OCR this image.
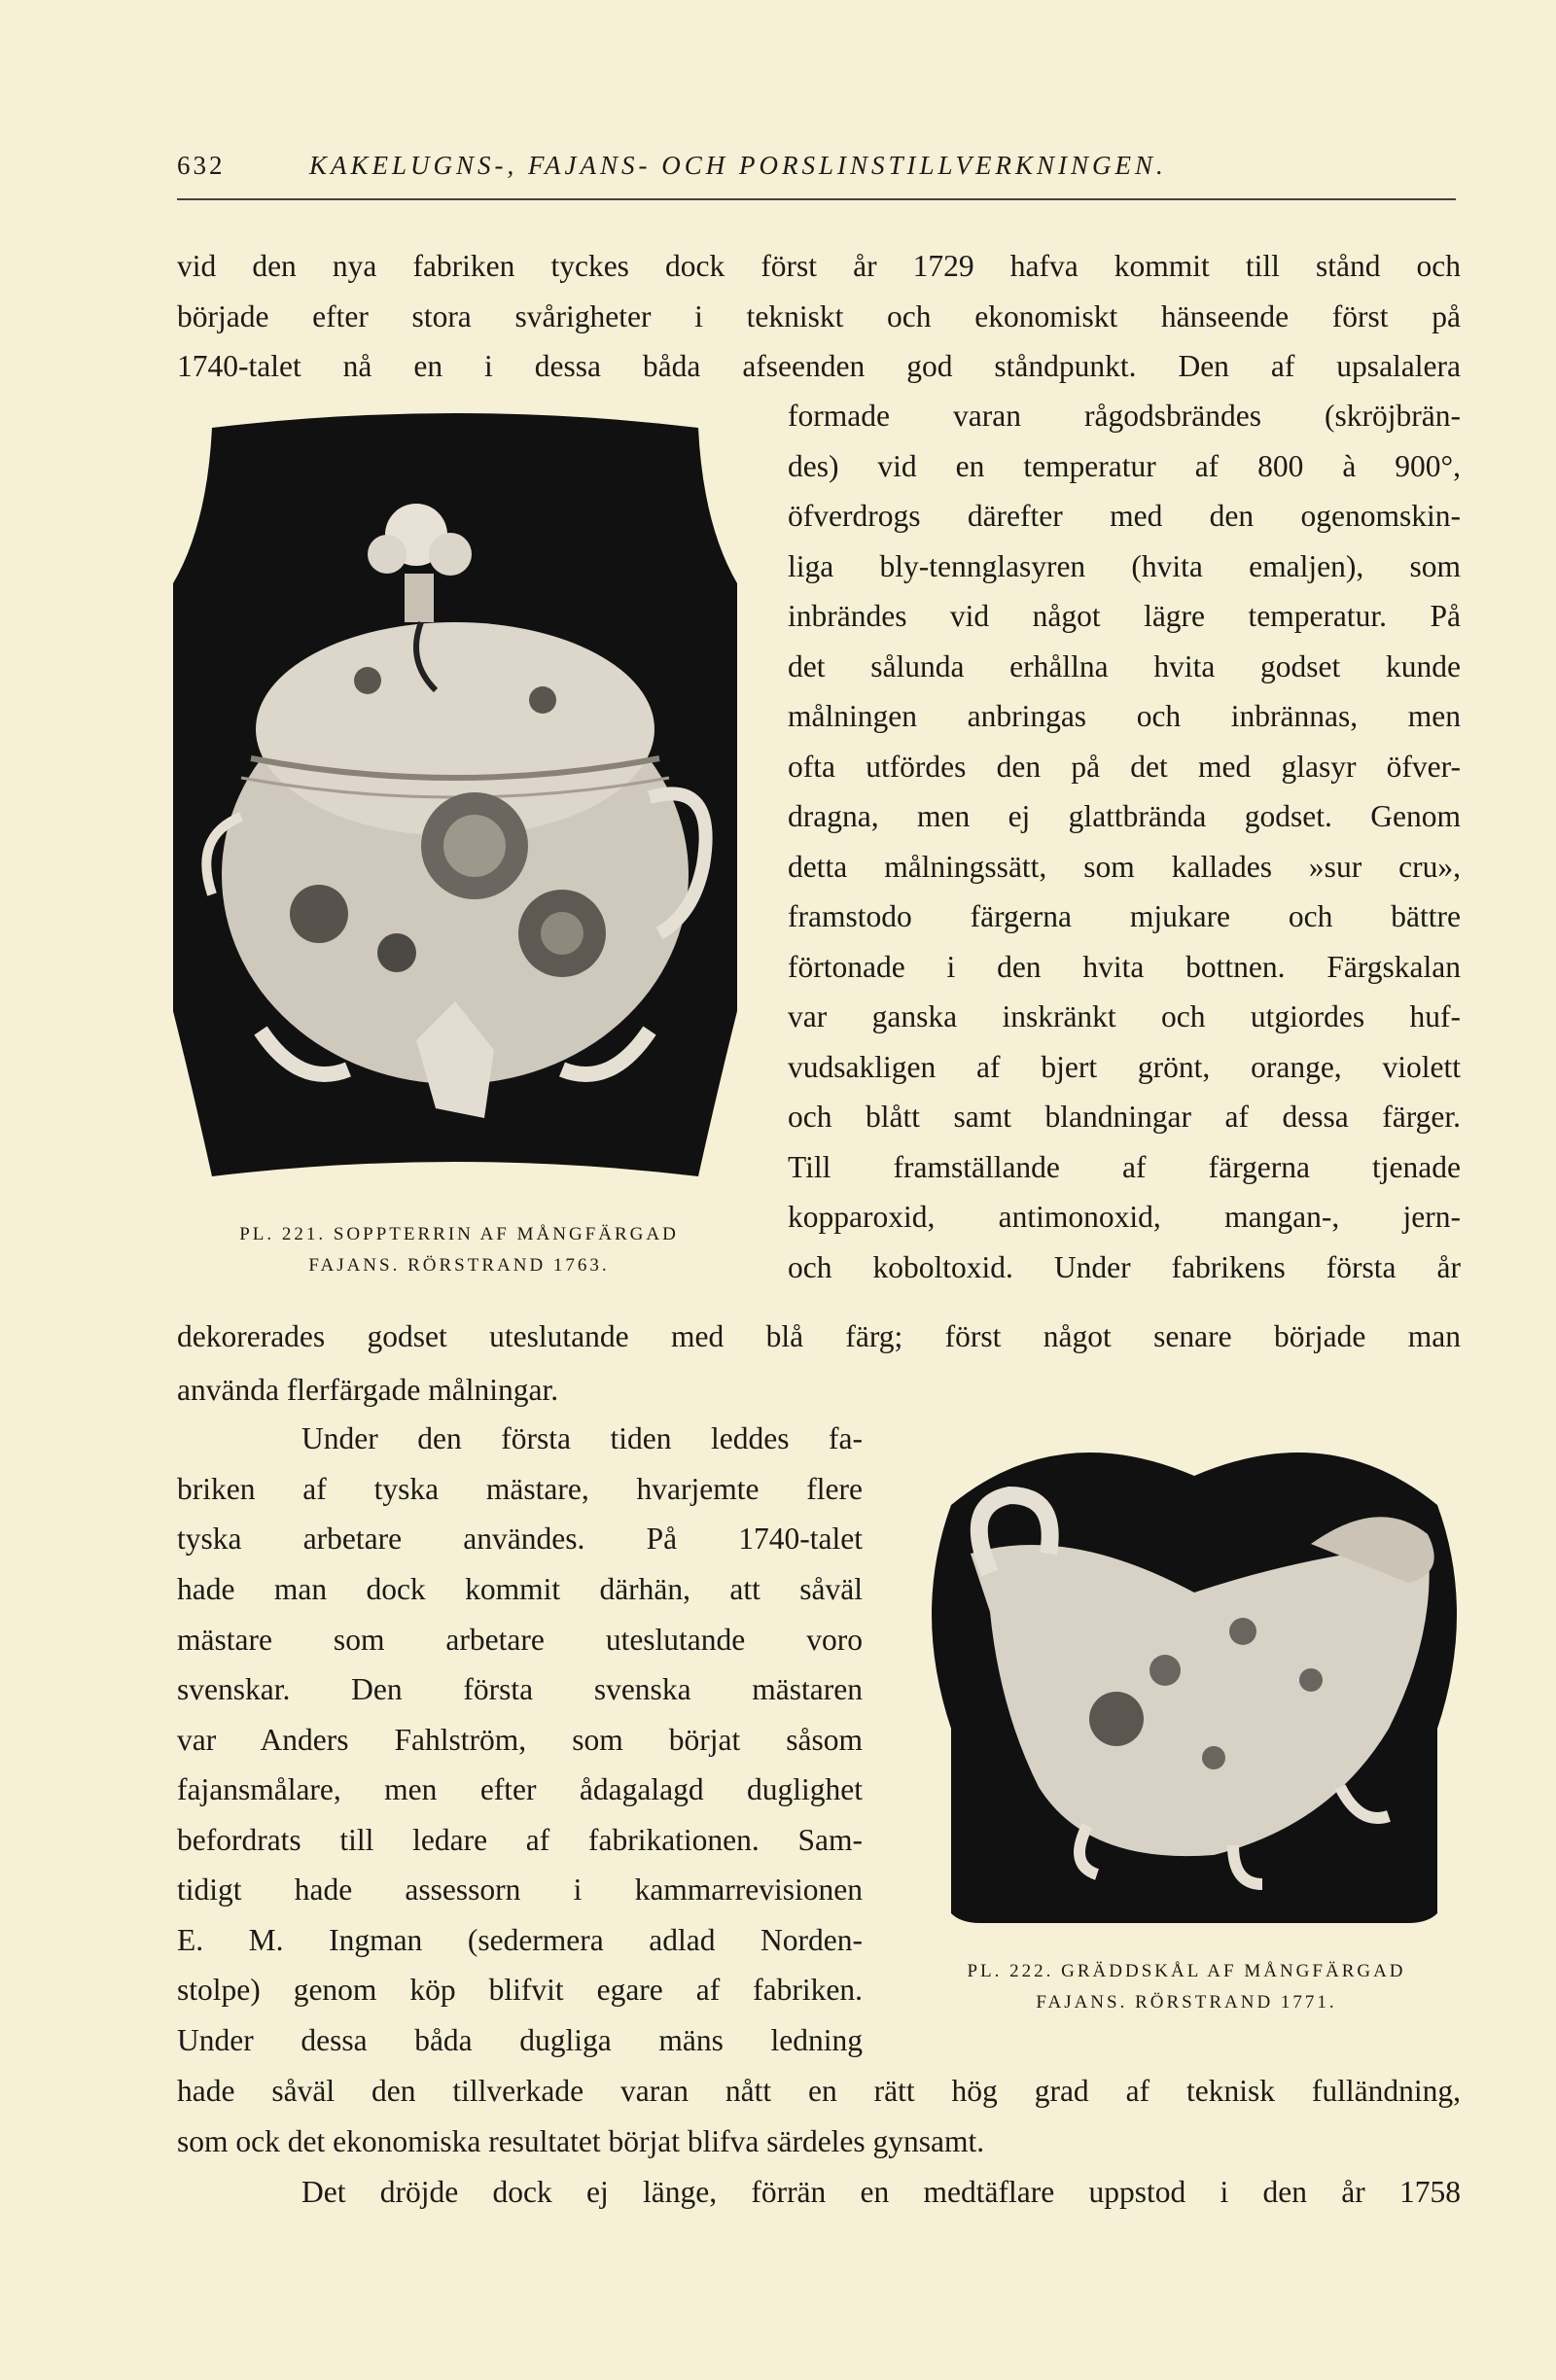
632	KAKELUGNS-, FAJANS- OCH PORSLINSTILLVERKNINGEN.

vid den nya fabriken tyckes dock först år 1729 hafva kommit till stånd och

började efter stora svårigheter i tekniskt och ekonomiskt hänseende först på

1740-talet nå en i dessa båda afseenden god ståndpunkt. Den af upsalalera

formade varan rågodsbrändes (skröjbrän-

des) vid en temperatur af 800 à 900°,

öfverdrogs därefter med den ogenomskin-

liga bly-tennglasyren (hvita emaljen), som

inbrändes vid något lägre temperatur. På

det sålunda erhållna hvita godset kunde

målningen anbringas och inbrännas, men

ofta utfördes den på det med glasyr öfver-

dragna, men ej glattbrända godset. Genom

detta målningssätt, som kallades »sur cru»,

framstodo färgerna mjukare och bättre

förtonade i den hvita bottnen. Färgskalan

var ganska inskränkt och utgiordes huf-

vudsakligen af bjert grönt, orange, violett

och blått samt blandningar af dessa färger.

Till framställande af färgerna tjenade

kopparoxid, antimonoxid, mangan-, jern-

och koboltoxid. Under fabrikens första år

PL. 221. SOPPTERRIN AF MÅNGFÄRGAD

FAJANS. RÖRSTRAND 1763.

dekorerades godset uteslutande med blå färg; först något senare började man

använda flerfärgade målningar.

Under den första tiden leddes fa-

briken af tyska mästare, hvarjemte flere

tyska arbetare användes. På 1740-talet

hade man dock kommit därhän, att såväl

mästare som arbetare uteslutande voro

svenskar. Den första svenska mästaren

var Anders Fahlström, som börjat såsom

fajansmålare, men efter ådagalagd duglighet

befordrats till ledare af fabrikationen. Sam-

tidigt hade assessorn i kammarrevisionen

E. M. Ingman (sedermera adlad Norden-

stolpe) genom köp blifvit egare af fabriken.

Under dessa båda dugliga mäns ledning

PL. 222. GRÄDDSKÅL AF MÅNGFÄRGAD

FAJANS. RÖRSTRAND 1771.

hade såväl den tillverkade varan nått en rätt hög grad af teknisk fulländning,

som ock det ekonomiska resultatet börjat blifva särdeles gynsamt.

Det dröjde dock ej länge, förrän en medtäflare uppstod i den år 1758
